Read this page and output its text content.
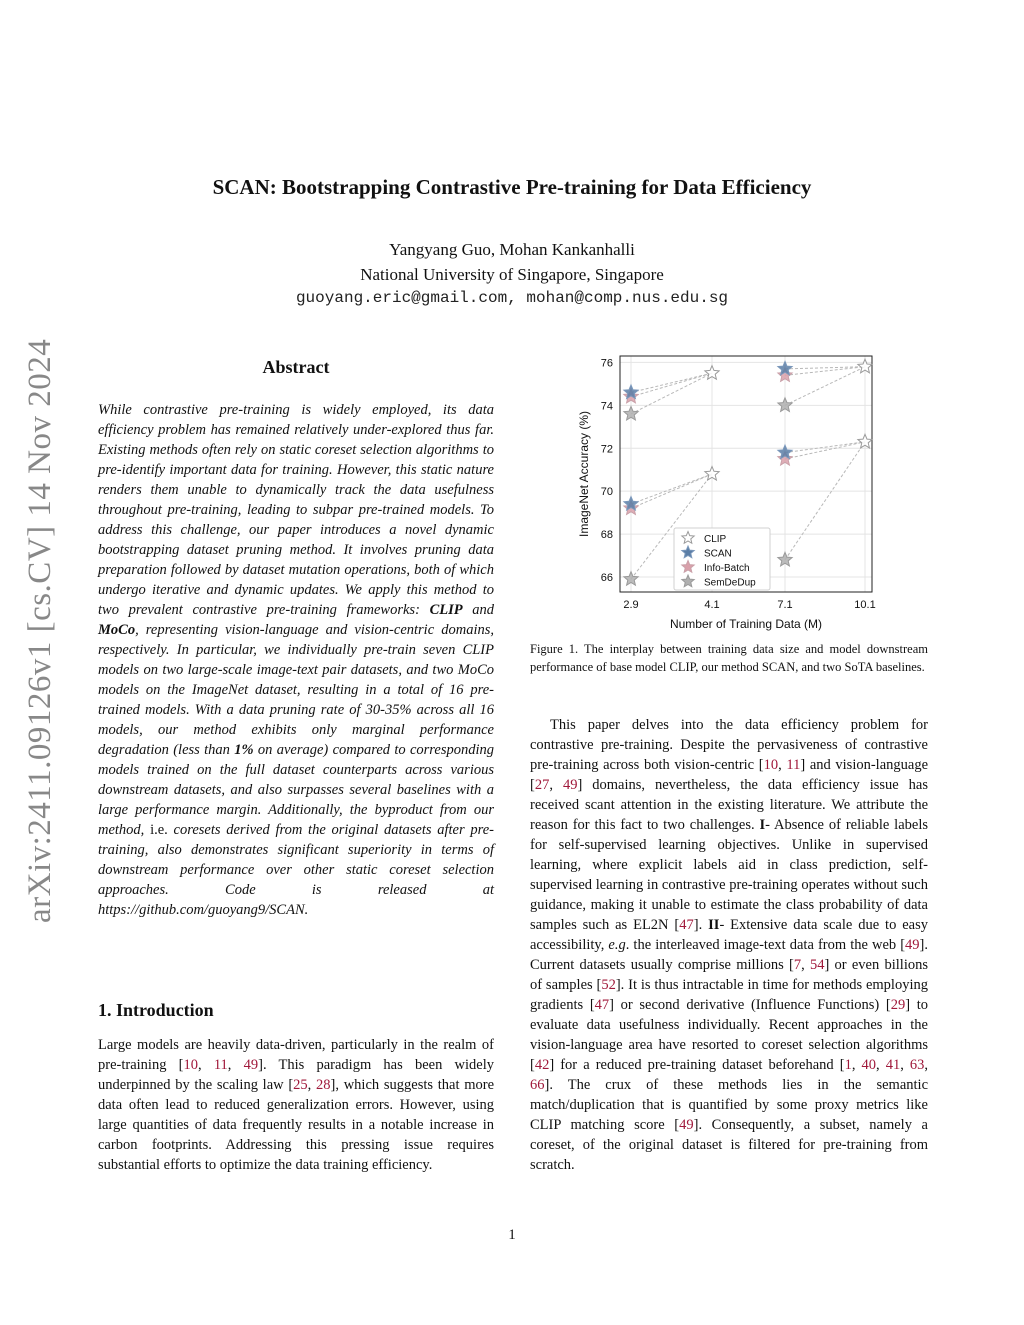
arXiv:2411.09126v1 [cs.CV] 14 Nov 2024
SCAN: Bootstrapping Contrastive Pre-training for Data Efficiency
Yangyang Guo, Mohan Kankanhalli
National University of Singapore, Singapore
guoyang.eric@gmail.com, mohan@comp.nus.edu.sg
Abstract
While contrastive pre-training is widely employed, its data efficiency problem has remained relatively under-explored thus far. Existing methods often rely on static coreset selection algorithms to pre-identify important data for training. However, this static nature renders them unable to dynamically track the data usefulness throughout pre-training, leading to subpar pre-trained models. To address this challenge, our paper introduces a novel dynamic bootstrapping dataset pruning method. It involves pruning data preparation followed by dataset mutation operations, both of which undergo iterative and dynamic updates. We apply this method to two prevalent contrastive pre-training frameworks: CLIP and MoCo, representing vision-language and vision-centric domains, respectively. In particular, we individually pre-train seven CLIP models on two large-scale image-text pair datasets, and two MoCo models on the ImageNet dataset, resulting in a total of 16 pre-trained models. With a data pruning rate of 30-35% across all 16 models, our method exhibits only marginal performance degradation (less than 1% on average) compared to corresponding models trained on the full dataset counterparts across various downstream datasets, and also surpasses several baselines with a large performance margin. Additionally, the byproduct from our method, i.e. coresets derived from the original datasets after pre-training, also demonstrates significant superiority in terms of downstream performance over other static coreset selection approaches. Code is released at https://github.com/guoyang9/SCAN.
1. Introduction
Large models are heavily data-driven, particularly in the realm of pre-training [10, 11, 49]. This paradigm has been widely underpinned by the scaling law [25, 28], which suggests that more data often lead to reduced generalization errors. However, using large quantities of data frequently results in a notable increase in carbon footprints. Addressing this pressing issue requires substantial efforts to optimize the data training efficiency.
66
68
70
72
74
76
2.9	4.1	7.1	10.1
Number of Training Data (M)
ImageNet Accuracy (%)
CLIP
SCAN
Info-Batch
SemDeDup
Figure 1. The interplay between training data size and model downstream performance of base model CLIP, our method SCAN, and two SoTA baselines.
This paper delves into the data efficiency problem for contrastive pre-training. Despite the pervasiveness of contrastive pre-training across both vision-centric [10, 11] and vision-language [27, 49] domains, nevertheless, the data efficiency issue has received scant attention in the existing literature. We attribute the reason for this fact to two challenges. I- Absence of reliable labels for self-supervised learning objectives. Unlike in supervised learning, where explicit labels aid in class prediction, self-supervised learning in contrastive pre-training operates without such guidance, making it unable to estimate the class probability of data samples such as EL2N [47]. II- Extensive data scale due to easy accessibility, e.g. the interleaved image-text data from the web [49]. Current datasets usually comprise millions [7, 54] or even billions of samples [52]. It is thus intractable in time for methods employing gradients [47] or second derivative (Influence Functions) [29] to evaluate data usefulness individually. Recent approaches in the vision-language area have resorted to coreset selection algorithms [42] for a reduced pre-training dataset beforehand [1, 40, 41, 63, 66]. The crux of these methods lies in the semantic match/duplication that is quantified by some proxy metrics like CLIP matching score [49]. Consequently, a subset, namely a coreset, of the original dataset is filtered for pre-training from scratch.
1
